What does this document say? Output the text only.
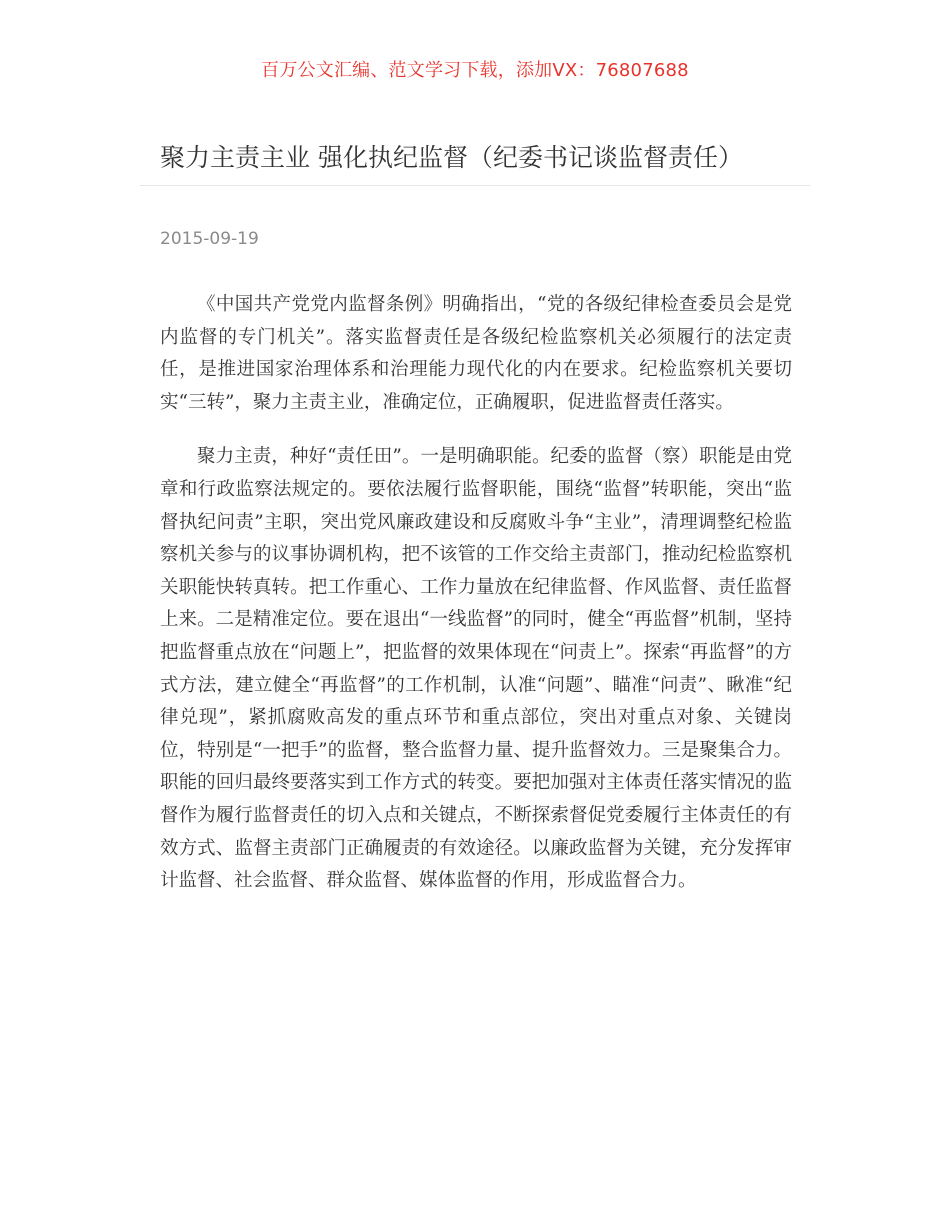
百万公文汇编、范文学习下载，添加VX：76807688
聚力主责主业 强化执纪监督（纪委书记谈监督责任）
2015-09-19

《中国共产党党内监督条例》明确指出，“党的各级纪律检查委员会是党内监督的专门机关”。落实监督责任是各级纪检监察机关必须履行的法定责任，是推进国家治理体系和治理能力现代化的内在要求。纪检监察机关要切实“三转”，聚力主责主业，准确定位，正确履职，促进监督责任落实。

聚力主责，种好“责任田”。一是明确职能。纪委的监督（察）职能是由党章和行政监察法规定的。要依法履行监督职能，围绕“监督”转职能，突出“监督执纪问责”主职，突出党风廉政建设和反腐败斗争“主业”，清理调整纪检监察机关参与的议事协调机构，把不该管的工作交给主责部门，推动纪检监察机关职能快转真转。把工作重心、工作力量放在纪律监督、作风监督、责任监督上来。二是精准定位。要在退出“一线监督”的同时，健全“再监督”机制，坚持把监督重点放在“问题上”，把监督的效果体现在“问责上”。探索“再监督”的方式方法，建立健全“再监督”的工作机制，认准“问题”、瞄准“问责”、瞅准“纪律兑现”，紧抓腐败高发的重点环节和重点部位，突出对重点对象、关键岗位，特别是“一把手”的监督，整合监督力量、提升监督效力。三是聚集合力。职能的回归最终要落实到工作方式的转变。要把加强对主体责任落实情况的监督作为履行监督责任的切入点和关键点，不断探索督促党委履行主体责任的有效方式、监督主责部门正确履责的有效途径。以廉政监督为关键，充分发挥审计监督、社会监督、群众监督、媒体监督的作用，形成监督合力。
